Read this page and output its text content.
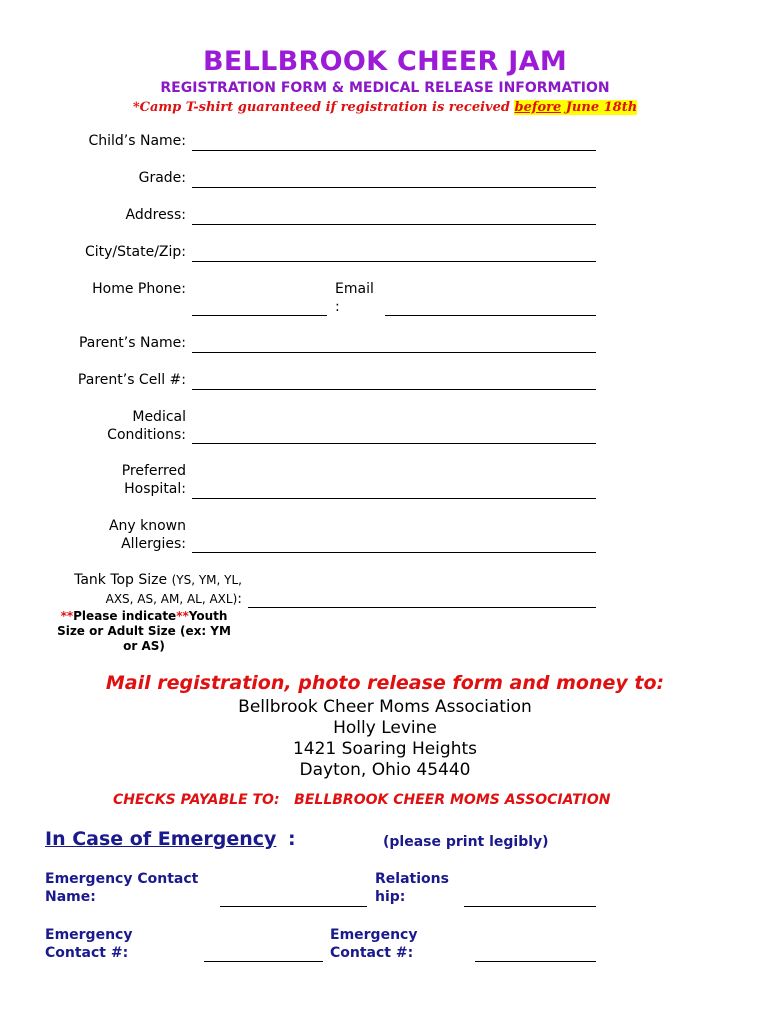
BELLBROOK CHEER JAM
REGISTRATION FORM & MEDICAL RELEASE INFORMATION
*Camp T-shirt guaranteed if registration is received before June 18th
Child’s Name:
Grade:
Address:
City/State/Zip:
Home Phone:	Email
:
Parent’s Name:
Parent’s Cell #:
Medical
Conditions:
Preferred
Hospital:
Any known
Allergies:
Tank Top Size (YS, YM, YL,
AXS, AS, AM, AL, AXL):
**Please indicate**Youth
Size or Adult Size (ex: YM
or AS)
Mail registration, photo release form and money to:
Bellbrook Cheer Moms Association
Holly Levine
1421 Soaring Heights
Dayton, Ohio 45440
CHECKS PAYABLE TO:   BELLBROOK CHEER MOMS ASSOCIATION
In Case of Emergency :	(please print legibly)
Emergency Contact
Name:
Relations
hip:
Emergency
Contact #:
Emergency
Contact #:
